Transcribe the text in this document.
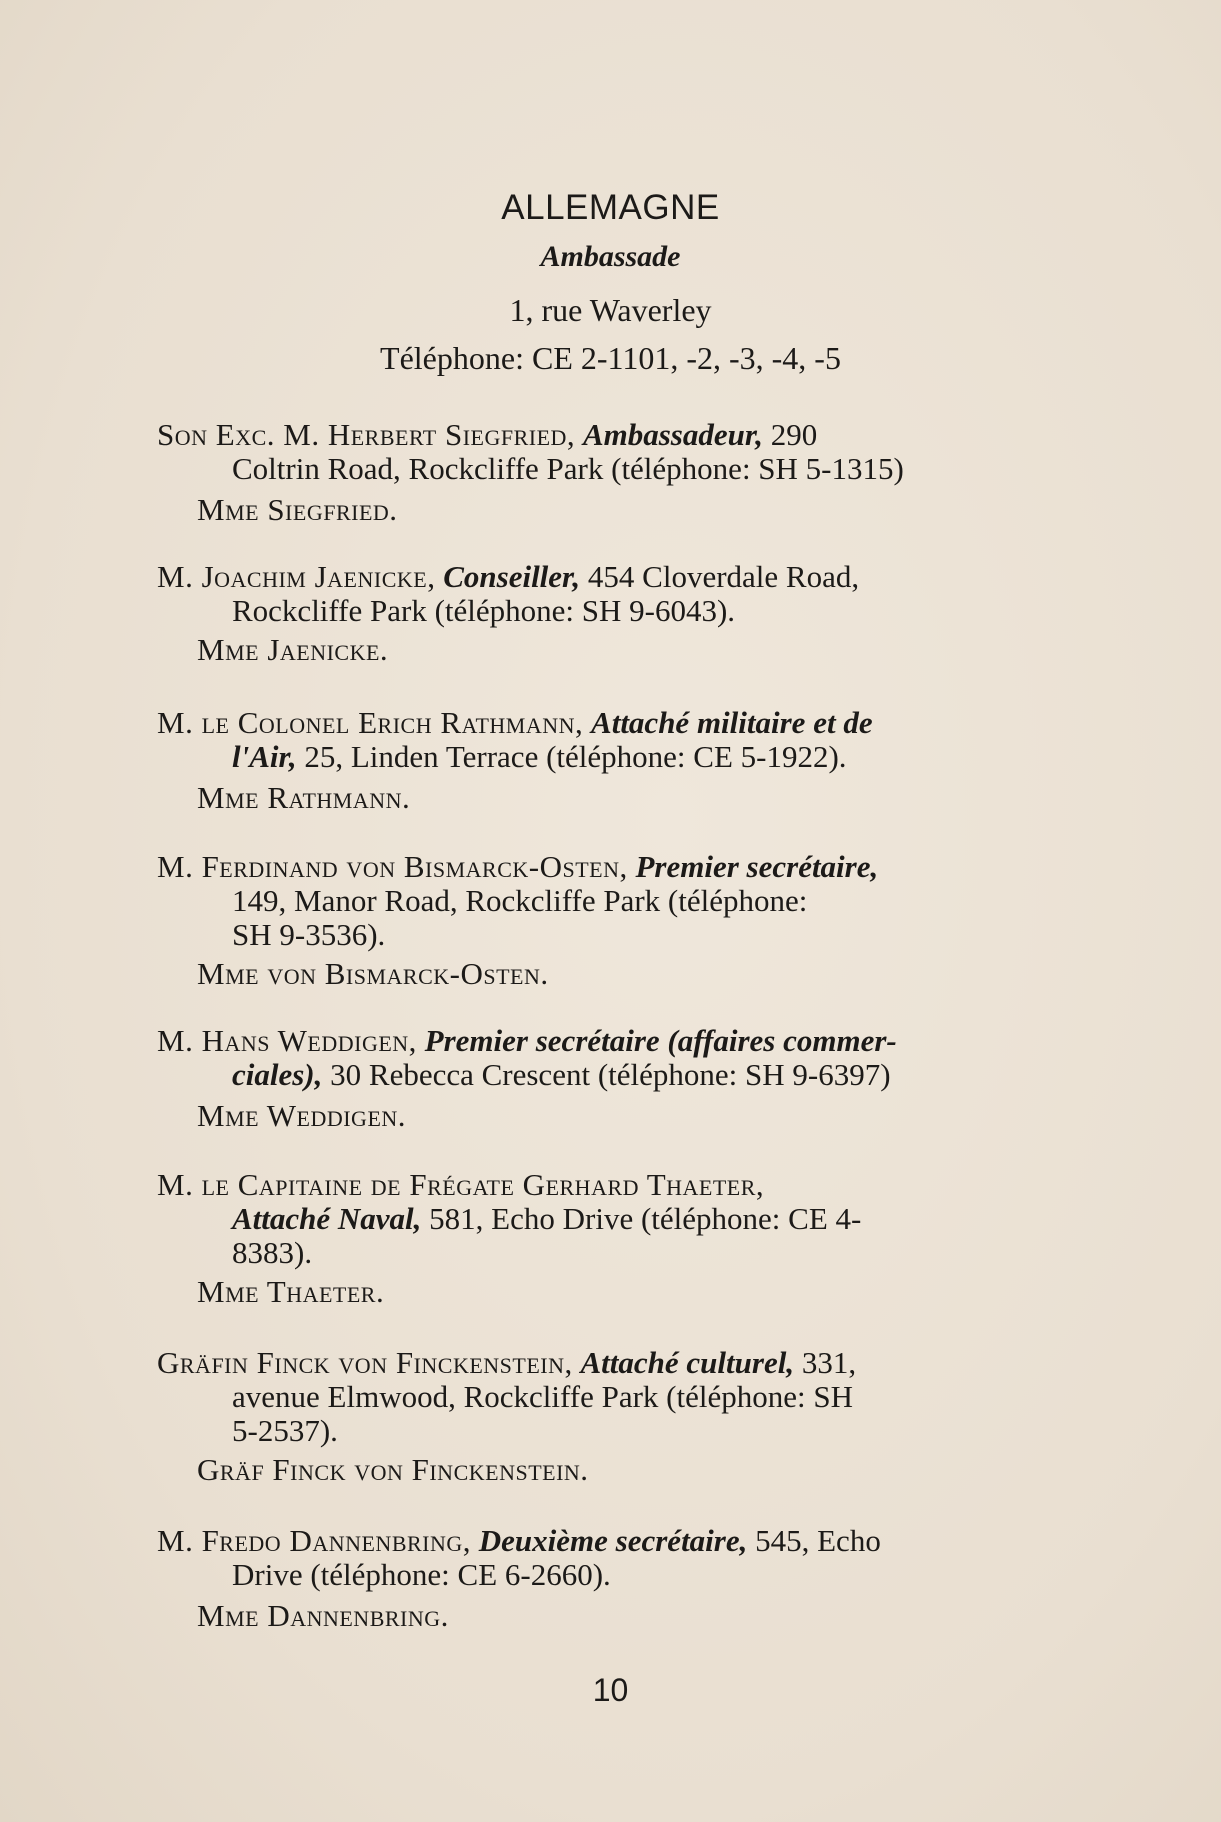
ALLEMAGNE
Ambassade
1, rue Waverley
Téléphone: CE 2-1101, -2, -3, -4, -5
Son Exc. M. Herbert Siegfried, Ambassadeur, 290
Coltrin Road, Rockcliffe Park (téléphone: SH 5-1315)
Mme Siegfried.
M. Joachim Jaenicke, Conseiller, 454 Cloverdale Road,
Rockcliffe Park (téléphone: SH 9-6043).
Mme Jaenicke.
M. le Colonel Erich Rathmann, Attaché militaire et de
l'Air, 25, Linden Terrace (téléphone: CE 5-1922).
Mme Rathmann.
M. Ferdinand von Bismarck-Osten, Premier secrétaire,
149, Manor Road, Rockcliffe Park (téléphone:
SH 9-3536).
Mme von Bismarck-Osten.
M. Hans Weddigen, Premier secrétaire (affaires commer-
ciales), 30 Rebecca Crescent (téléphone: SH 9-6397)
Mme Weddigen.
M. le Capitaine de Frégate Gerhard Thaeter,
Attaché Naval, 581, Echo Drive (téléphone: CE 4-
8383).
Mme Thaeter.
Gräfin Finck von Finckenstein, Attaché culturel, 331,
avenue Elmwood, Rockcliffe Park (téléphone: SH
5-2537).
Gräf Finck von Finckenstein.
M. Fredo Dannenbring, Deuxième secrétaire, 545, Echo
Drive (téléphone: CE 6-2660).
Mme Dannenbring.
10
